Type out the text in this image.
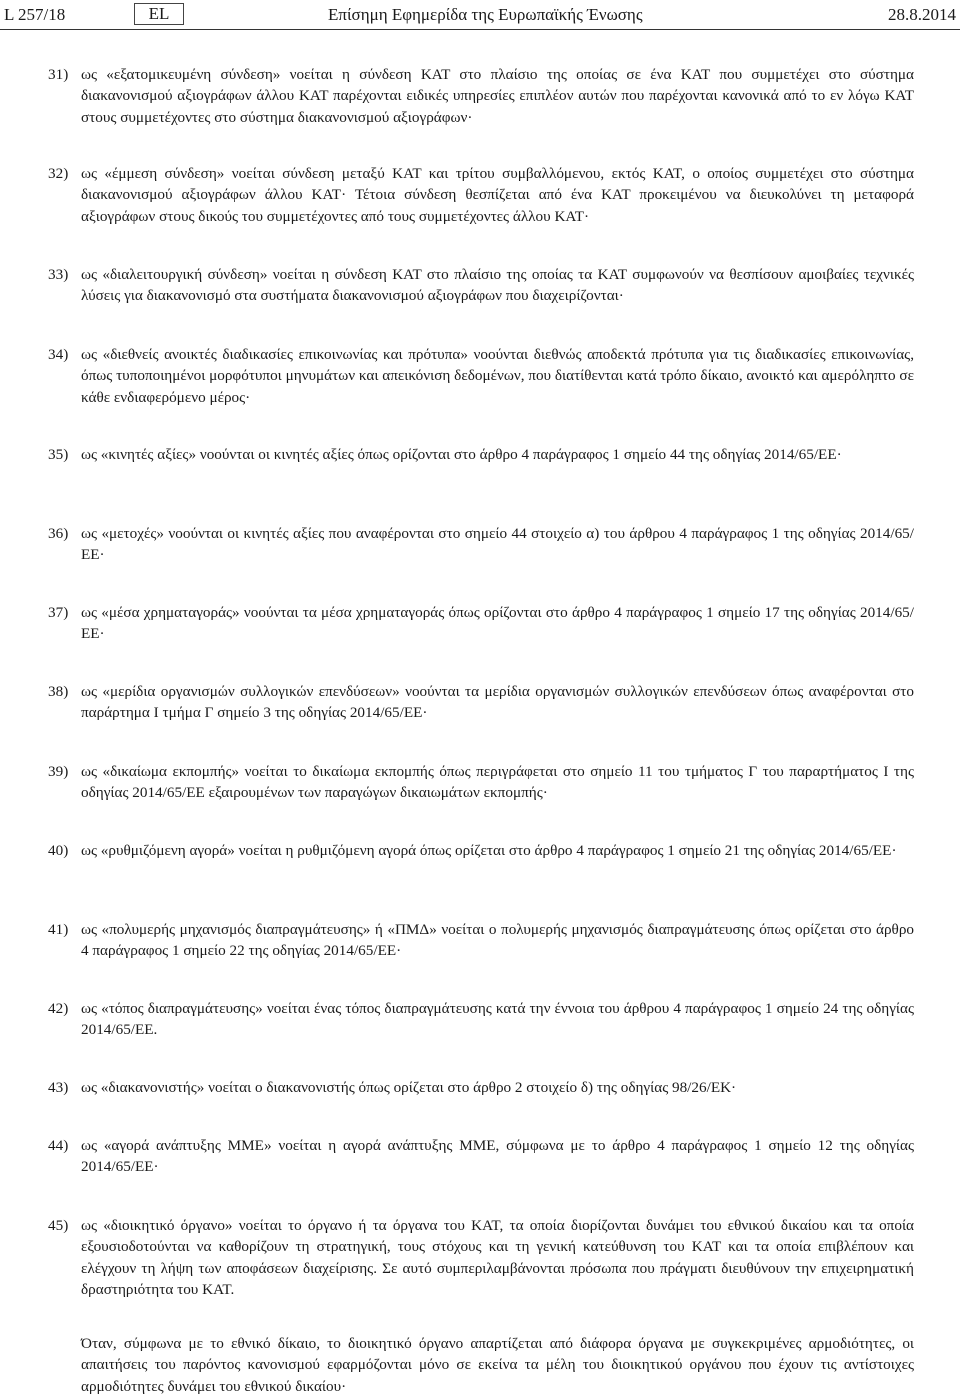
L 257/18	EL	Επίσημη Εφημερίδα της Ευρωπαϊκής Ένωσης	28.8.2014
31) ως «εξατομικευμένη σύνδεση» νοείται η σύνδεση ΚΑΤ στο πλαίσιο της οποίας σε ένα ΚΑΤ που συμμετέχει στο σύστημα διακανονισμού αξιογράφων άλλου ΚΑΤ παρέχονται ειδικές υπηρεσίες επιπλέον αυτών που παρέχονται κανονικά από το εν λόγω ΚΑΤ στους συμμετέχοντες στο σύστημα διακανονισμού αξιογράφων·
32) ως «έμμεση σύνδεση» νοείται σύνδεση μεταξύ ΚΑΤ και τρίτου συμβαλλόμενου, εκτός ΚΑΤ, ο οποίος συμμετέχει στο σύστημα διακανονισμού αξιογράφων άλλου ΚΑΤ· Τέτοια σύνδεση θεσπίζεται από ένα ΚΑΤ προκειμένου να διευκολύνει τη μεταφορά αξιογράφων στους δικούς του συμμετέχοντες από τους συμμετέχοντες άλλου ΚΑΤ·
33) ως «διαλειτουργική σύνδεση» νοείται η σύνδεση ΚΑΤ στο πλαίσιο της οποίας τα ΚΑΤ συμφωνούν να θεσπίσουν αμοιβαίες τεχνικές λύσεις για διακανονισμό στα συστήματα διακανονισμού αξιογράφων που διαχειρίζονται·
34) ως «διεθνείς ανοικτές διαδικασίες επικοινωνίας και πρότυπα» νοούνται διεθνώς αποδεκτά πρότυπα για τις διαδικασίες επικοινωνίας, όπως τυποποιημένοι μορφότυποι μηνυμάτων και απεικόνιση δεδομένων, που διατίθενται κατά τρόπο δίκαιο, ανοικτό και αμερόληπτο σε κάθε ενδιαφερόμενο μέρος·
35) ως «κινητές αξίες» νοούνται οι κινητές αξίες όπως ορίζονται στο άρθρο 4 παράγραφος 1 σημείο 44 της οδηγίας 2014/65/ΕΕ·
36) ως «μετοχές» νοούνται οι κινητές αξίες που αναφέρονται στο σημείο 44 στοιχείο α) του άρθρου 4 παράγραφος 1 της οδηγίας 2014/65/ΕΕ·
37) ως «μέσα χρηματαγοράς» νοούνται τα μέσα χρηματαγοράς όπως ορίζονται στο άρθρο 4 παράγραφος 1 σημείο 17 της οδηγίας 2014/65/ΕΕ·
38) ως «μερίδια οργανισμών συλλογικών επενδύσεων» νοούνται τα μερίδια οργανισμών συλλογικών επενδύσεων όπως αναφέρονται στο παράρτημα Ι τμήμα Γ σημείο 3 της οδηγίας 2014/65/ΕΕ·
39) ως «δικαίωμα εκπομπής» νοείται το δικαίωμα εκπομπής όπως περιγράφεται στο σημείο 11 του τμήματος Γ του παραρτήματος Ι της οδηγίας 2014/65/ΕΕ εξαιρουμένων των παραγώγων δικαιωμάτων εκπομπής·
40) ως «ρυθμιζόμενη αγορά» νοείται η ρυθμιζόμενη αγορά όπως ορίζεται στο άρθρο 4 παράγραφος 1 σημείο 21 της οδηγίας 2014/65/ΕΕ·
41) ως «πολυμερής μηχανισμός διαπραγμάτευσης» ή «ΠΜΔ» νοείται ο πολυμερής μηχανισμός διαπραγμάτευσης όπως ορίζεται στο άρθρο 4 παράγραφος 1 σημείο 22 της οδηγίας 2014/65/ΕΕ·
42) ως «τόπος διαπραγμάτευσης» νοείται ένας τόπος διαπραγμάτευσης κατά την έννοια του άρθρου 4 παράγραφος 1 σημείο 24 της οδηγίας 2014/65/ΕΕ.
43) ως «διακανονιστής» νοείται ο διακανονιστής όπως ορίζεται στο άρθρο 2 στοιχείο δ) της οδηγίας 98/26/ΕΚ·
44) ως «αγορά ανάπτυξης ΜΜΕ» νοείται η αγορά ανάπτυξης ΜΜΕ, σύμφωνα με το άρθρο 4 παράγραφος 1 σημείο 12 της οδηγίας 2014/65/ΕΕ·
45) ως «διοικητικό όργανο» νοείται το όργανο ή τα όργανα του ΚΑΤ, τα οποία διορίζονται δυνάμει του εθνικού δικαίου και τα οποία εξουσιοδοτούνται να καθορίζουν τη στρατηγική, τους στόχους και τη γενική κατεύθυνση του ΚΑΤ και τα οποία επιβλέπουν και ελέγχουν τη λήψη των αποφάσεων διαχείρισης. Σε αυτό συμπεριλαμβάνονται πρόσωπα που πράγματι διευθύνουν την επιχειρηματική δραστηριότητα του ΚΑΤ.
Όταν, σύμφωνα με το εθνικό δίκαιο, το διοικητικό όργανο απαρτίζεται από διάφορα όργανα με συγκεκριμένες αρμοδιότητες, οι απαιτήσεις του παρόντος κανονισμού εφαρμόζονται μόνο σε εκείνα τα μέλη του διοικητικού οργάνου που έχουν τις αντίστοιχες αρμοδιότητες δυνάμει του εθνικού δικαίου·
